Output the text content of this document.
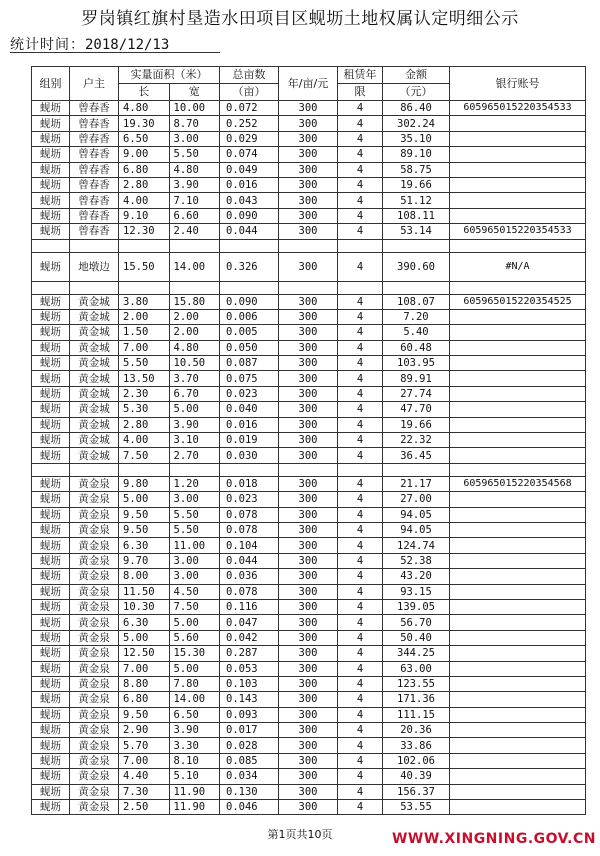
罗岗镇红旗村垦造水田项目区蚬坜土地权属认定明细公示
统计时间：2018/12/13
组别	户主	实量面积（米）		总亩数	年/亩/元	租赁年	金额	银行账号
		长	宽	（亩）		限	（元）	
蚬坜	曾春香	4.80	10.00	0.072	300	4	86.40	605965015220354533
蚬坜	曾春香	19.30	8.70	0.252	300	4	302.24	
蚬坜	曾春香	6.50	3.00	0.029	300	4	35.10	
蚬坜	曾春香	9.00	5.50	0.074	300	4	89.10	
蚬坜	曾春香	6.80	4.80	0.049	300	4	58.75	
蚬坜	曾春香	2.80	3.90	0.016	300	4	19.66	
蚬坜	曾春香	4.00	7.10	0.043	300	4	51.12	
蚬坜	曾春香	9.10	6.60	0.090	300	4	108.11	
蚬坜	曾春香	12.30	2.40	0.044	300	4	53.14	605965015220354533

蚬坜	地墩边	15.50	14.00	0.326	300	4	390.60	#N/A

蚬坜	黄金城	3.80	15.80	0.090	300	4	108.07	605965015220354525
蚬坜	黄金城	2.00	2.00	0.006	300	4	7.20	
蚬坜	黄金城	1.50	2.00	0.005	300	4	5.40	
蚬坜	黄金城	7.00	4.80	0.050	300	4	60.48	
蚬坜	黄金城	5.50	10.50	0.087	300	4	103.95	
蚬坜	黄金城	13.50	3.70	0.075	300	4	89.91	
蚬坜	黄金城	2.30	6.70	0.023	300	4	27.74	
蚬坜	黄金城	5.30	5.00	0.040	300	4	47.70	
蚬坜	黄金城	2.80	3.90	0.016	300	4	19.66	
蚬坜	黄金城	4.00	3.10	0.019	300	4	22.32	
蚬坜	黄金城	7.50	2.70	0.030	300	4	36.45	

蚬坜	黄金泉	9.80	1.20	0.018	300	4	21.17	605965015220354568
蚬坜	黄金泉	5.00	3.00	0.023	300	4	27.00	
蚬坜	黄金泉	9.50	5.50	0.078	300	4	94.05	
蚬坜	黄金泉	9.50	5.50	0.078	300	4	94.05	
蚬坜	黄金泉	6.30	11.00	0.104	300	4	124.74	
蚬坜	黄金泉	9.70	3.00	0.044	300	4	52.38	
蚬坜	黄金泉	8.00	3.00	0.036	300	4	43.20	
蚬坜	黄金泉	11.50	4.50	0.078	300	4	93.15	
蚬坜	黄金泉	10.30	7.50	0.116	300	4	139.05	
蚬坜	黄金泉	6.30	5.00	0.047	300	4	56.70	
蚬坜	黄金泉	5.00	5.60	0.042	300	4	50.40	
蚬坜	黄金泉	12.50	15.30	0.287	300	4	344.25	
蚬坜	黄金泉	7.00	5.00	0.053	300	4	63.00	
蚬坜	黄金泉	8.80	7.80	0.103	300	4	123.55	
蚬坜	黄金泉	6.80	14.00	0.143	300	4	171.36	
蚬坜	黄金泉	9.50	6.50	0.093	300	4	111.15	
蚬坜	黄金泉	2.90	3.90	0.017	300	4	20.36	
蚬坜	黄金泉	5.70	3.30	0.028	300	4	33.86	
蚬坜	黄金泉	7.00	8.10	0.085	300	4	102.06	
蚬坜	黄金泉	4.40	5.10	0.034	300	4	40.39	
蚬坜	黄金泉	7.30	11.90	0.130	300	4	156.37	
蚬坜	黄金泉	2.50	11.90	0.046	300	4	53.55	
第1页共10页	WWW.XINGNING.GOV.CN
